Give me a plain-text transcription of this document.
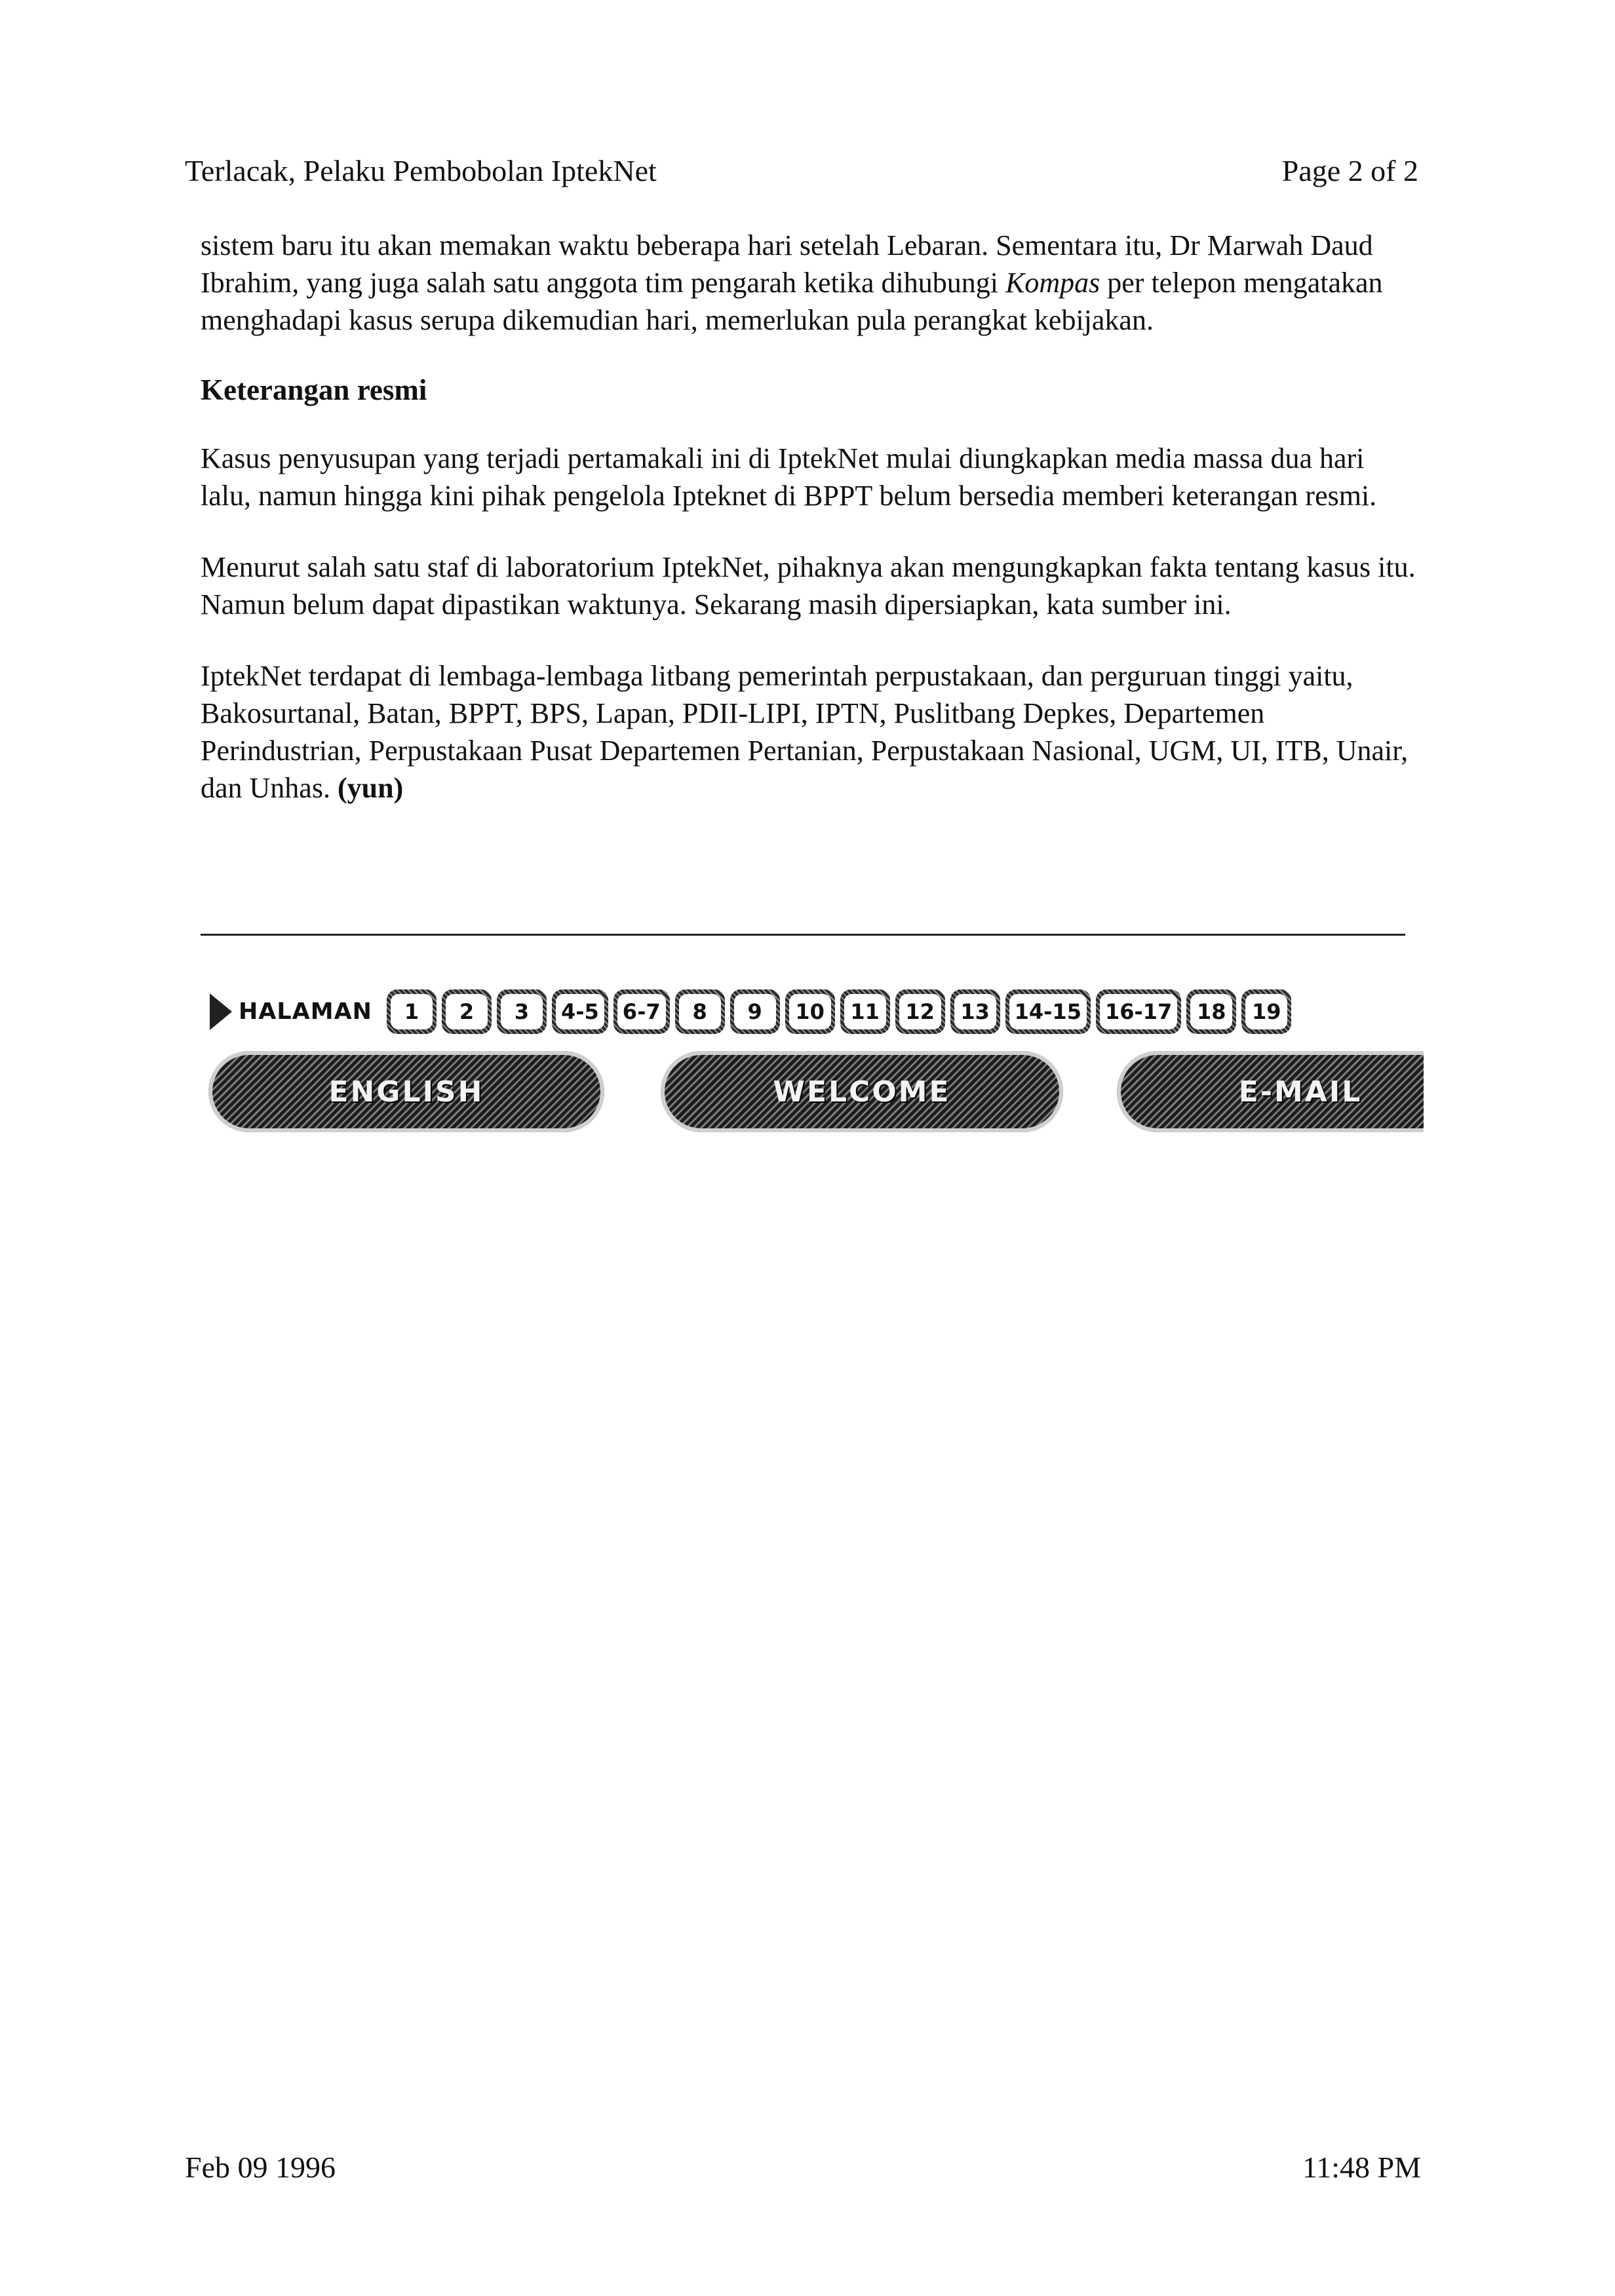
Terlacak, Pelaku Pembobolan IptekNet	Page 2 of 2

sistem baru itu akan memakan waktu beberapa hari setelah Lebaran. Sementara itu, Dr Marwah Daud Ibrahim, yang juga salah satu anggota tim pengarah ketika dihubungi Kompas per telepon mengatakan menghadapi kasus serupa dikemudian hari, memerlukan pula perangkat kebijakan.

Keterangan resmi

Kasus penyusupan yang terjadi pertamakali ini di IptekNet mulai diungkapkan media massa dua hari lalu, namun hingga kini pihak pengelola Ipteknet di BPPT belum bersedia memberi keterangan resmi.

Menurut salah satu staf di laboratorium IptekNet, pihaknya akan mengungkapkan fakta tentang kasus itu. Namun belum dapat dipastikan waktunya. Sekarang masih dipersiapkan, kata sumber ini.

IptekNet terdapat di lembaga-lembaga litbang pemerintah perpustakaan, dan perguruan tinggi yaitu, Bakosurtanal, Batan, BPPT, BPS, Lapan, PDII-LIPI, IPTN, Puslitbang Depkes, Departemen Perindustrian, Perpustakaan Pusat Departemen Pertanian, Perpustakaan Nasional, UGM, UI, ITB, Unair, dan Unhas. (yun)

HALAMAN	1	2	3	4-5 6-7	8	9	10	11	12	13	14-15 16-17	18	19
ENGLISH	WELCOME	E-MAIL
Feb 09 1996	11:48 PM
